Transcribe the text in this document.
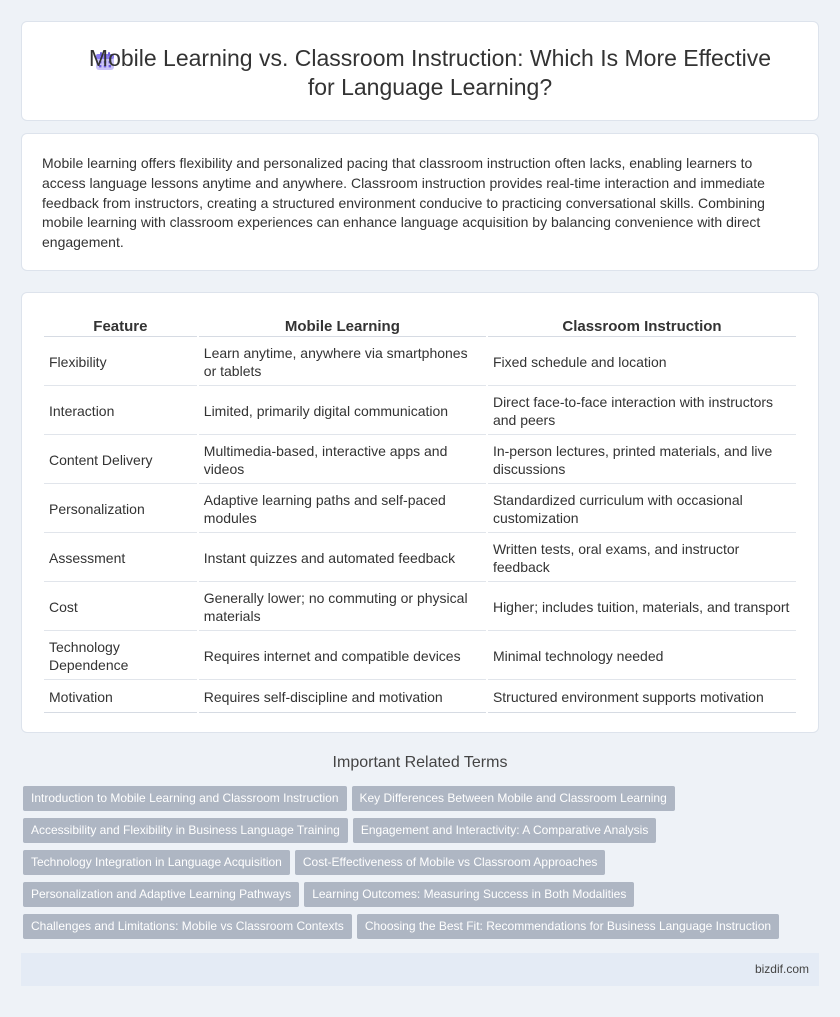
Mobile Learning vs. Classroom Instruction: Which Is More Effective for Language Learning?

Mobile learning offers flexibility and personalized pacing that classroom instruction often lacks, enabling learners to access language lessons anytime and anywhere. Classroom instruction provides real-time interaction and immediate feedback from instructors, creating a structured environment conducive to practicing conversational skills. Combining mobile learning with classroom experiences can enhance language acquisition by balancing convenience with direct engagement.

Feature	Mobile Learning	Classroom Instruction
Flexibility	Learn anytime, anywhere via smartphones or tablets	Fixed schedule and location
Interaction	Limited, primarily digital communication	Direct face-to-face interaction with instructors and peers
Content Delivery	Multimedia-based, interactive apps and videos	In-person lectures, printed materials, and live discussions
Personalization	Adaptive learning paths and self-paced modules	Standardized curriculum with occasional customization
Assessment	Instant quizzes and automated feedback	Written tests, oral exams, and instructor feedback
Cost	Generally lower; no commuting or physical materials	Higher; includes tuition, materials, and transport
Technology Dependence	Requires internet and compatible devices	Minimal technology needed
Motivation	Requires self-discipline and motivation	Structured environment supports motivation
Important Related Terms
Introduction to Mobile Learning and Classroom Instruction Key Differences Between Mobile and Classroom Learning
Accessibility and Flexibility in Business Language Training Engagement and Interactivity: A Comparative Analysis
Technology Integration in Language Acquisition Cost-Effectiveness of Mobile vs Classroom Approaches
Personalization and Adaptive Learning Pathways Learning Outcomes: Measuring Success in Both Modalities
Challenges and Limitations: Mobile vs Classroom Contexts Choosing the Best Fit: Recommendations for Business Language Instruction
bizdif.com
